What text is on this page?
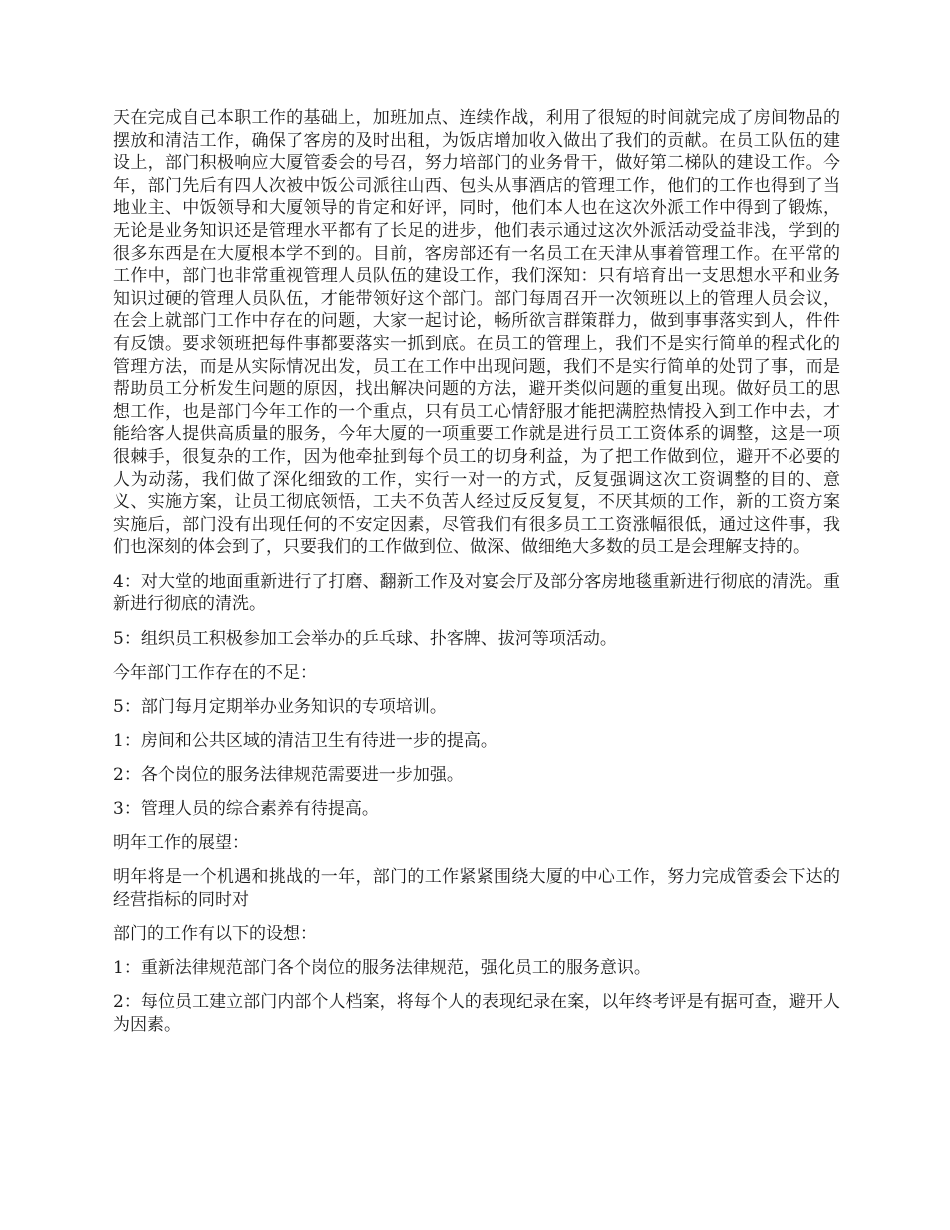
天在完成自己本职工作的基础上，加班加点、连续作战，利用了很短的时间就完成了房间物品的摆放和清洁工作，确保了客房的及时出租，为饭店增加收入做出了我们的贡献。在员工队伍的建设上，部门积极响应大厦管委会的号召，努力培部门的业务骨干，做好第二梯队的建设工作。今年，部门先后有四人次被中饭公司派往山西、包头从事酒店的管理工作，他们的工作也得到了当地业主、中饭领导和大厦领导的肯定和好评，同时，他们本人也在这次外派工作中得到了锻炼，无论是业务知识还是管理水平都有了长足的进步，他们表示通过这次外派活动受益非浅，学到的很多东西是在大厦根本学不到的。目前，客房部还有一名员工在天津从事着管理工作。在平常的工作中，部门也非常重视管理人员队伍的建设工作，我们深知：只有培育出一支思想水平和业务知识过硬的管理人员队伍，才能带领好这个部门。部门每周召开一次领班以上的管理人员会议，在会上就部门工作中存在的问题，大家一起讨论，畅所欲言群策群力，做到事事落实到人，件件有反馈。要求领班把每件事都要落实一抓到底。在员工的管理上，我们不是实行简单的程式化的管理方法，而是从实际情况出发，员工在工作中出现问题，我们不是实行简单的处罚了事，而是帮助员工分析发生问题的原因，找出解决问题的方法，避开类似问题的重复出现。做好员工的思想工作，也是部门今年工作的一个重点，只有员工心情舒服才能把满腔热情投入到工作中去，才能给客人提供高质量的服务，今年大厦的一项重要工作就是进行员工工资体系的调整，这是一项很棘手，很复杂的工作，因为他牵扯到每个员工的切身利益，为了把工作做到位，避开不必要的人为动荡，我们做了深化细致的工作，实行一对一的方式，反复强调这次工资调整的目的、意义、实施方案，让员工彻底领悟，工夫不负苦人经过反反复复，不厌其烦的工作，新的工资方案实施后，部门没有出现任何的不安定因素，尽管我们有很多员工工资涨幅很低，通过这件事，我们也深刻的体会到了，只要我们的工作做到位、做深、做细绝大多数的员工是会理解支持的。

4：对大堂的地面重新进行了打磨、翻新工作及对宴会厅及部分客房地毯重新进行彻底的清洗。重新进行彻底的清洗。

5：组织员工积极参加工会举办的乒乓球、扑客牌、拔河等项活动。

今年部门工作存在的不足：

5：部门每月定期举办业务知识的专项培训。

1：房间和公共区域的清洁卫生有待进一步的提高。

2：各个岗位的服务法律规范需要进一步加强。

3：管理人员的综合素养有待提高。

明年工作的展望：

明年将是一个机遇和挑战的一年，部门的工作紧紧围绕大厦的中心工作，努力完成管委会下达的经营指标的同时对

部门的工作有以下的设想：

1：重新法律规范部门各个岗位的服务法律规范，强化员工的服务意识。

2：每位员工建立部门内部个人档案，将每个人的表现纪录在案，以年终考评是有据可查，避开人为因素。
